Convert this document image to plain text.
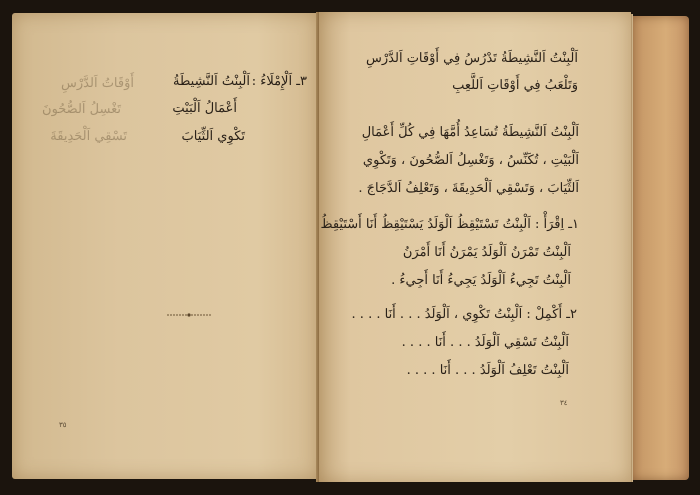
٣ـ اَلْإِمْلَاءُ :
اَلْبِنْتُ اَلنَّشِيطَةُ
أَعْمَالُ اَلْبَيْتِ
تَكْوِي اَلثِّيَابَ
أَوْقَاتُ اَلدَّرْسِ
تَغْسِلُ اَلصُّحُونَ
تَسْقِي اَلْحَدِيقَةَ
٣٥
اَلْبِنْتُ اَلنَّشِيطَةُ تَدْرُسُ فِي أَوْقَاتِ اَلدَّرْسِ
وَتَلْعَبُ فِي أَوْقَاتِ اَللَّعِبِ
اَلْبِنْتُ اَلنَّشِيطَةُ تُسَاعِدُ أُمَّهَا فِي كُلِّ أَعْمَالِ
اَلْبَيْتِ ، تُكَنِّسُ ، وَتَغْسِلُ اَلصُّحُونَ ، وَتَكْوِي
اَلثِّيَابَ ، وَتَسْقِي اَلْحَدِيقَةَ ، وَتَعْلِفُ اَلدَّجَاجَ .
١ـ اِقْرَأْ : اَلْبِنْتُ تَسْتَيْقِظُ اَلْوَلَدُ يَسْتَيْقِظُ أَنَا أَسْتَيْقِظُ
اَلْبِنْتُ تَمْرَنُ اَلْوَلَدُ يَمْرَنُ أَنَا أَمْرَنُ
اَلْبِنْتُ تَجِيءُ اَلْوَلَدُ يَجِيءُ أَنَا أَجِيءُ .
٢ـ أَكْمِلْ : اَلْبِنْتُ تَكْوِي ، اَلْوَلَدُ . . . أَنَا . . . .
اَلْبِنْتُ تَسْقِي اَلْوَلَدُ . . . أَنَا . . . .
اَلْبِنْتُ تَعْلِفُ اَلْوَلَدُ . . . أَنَا . . . .
٣٤
